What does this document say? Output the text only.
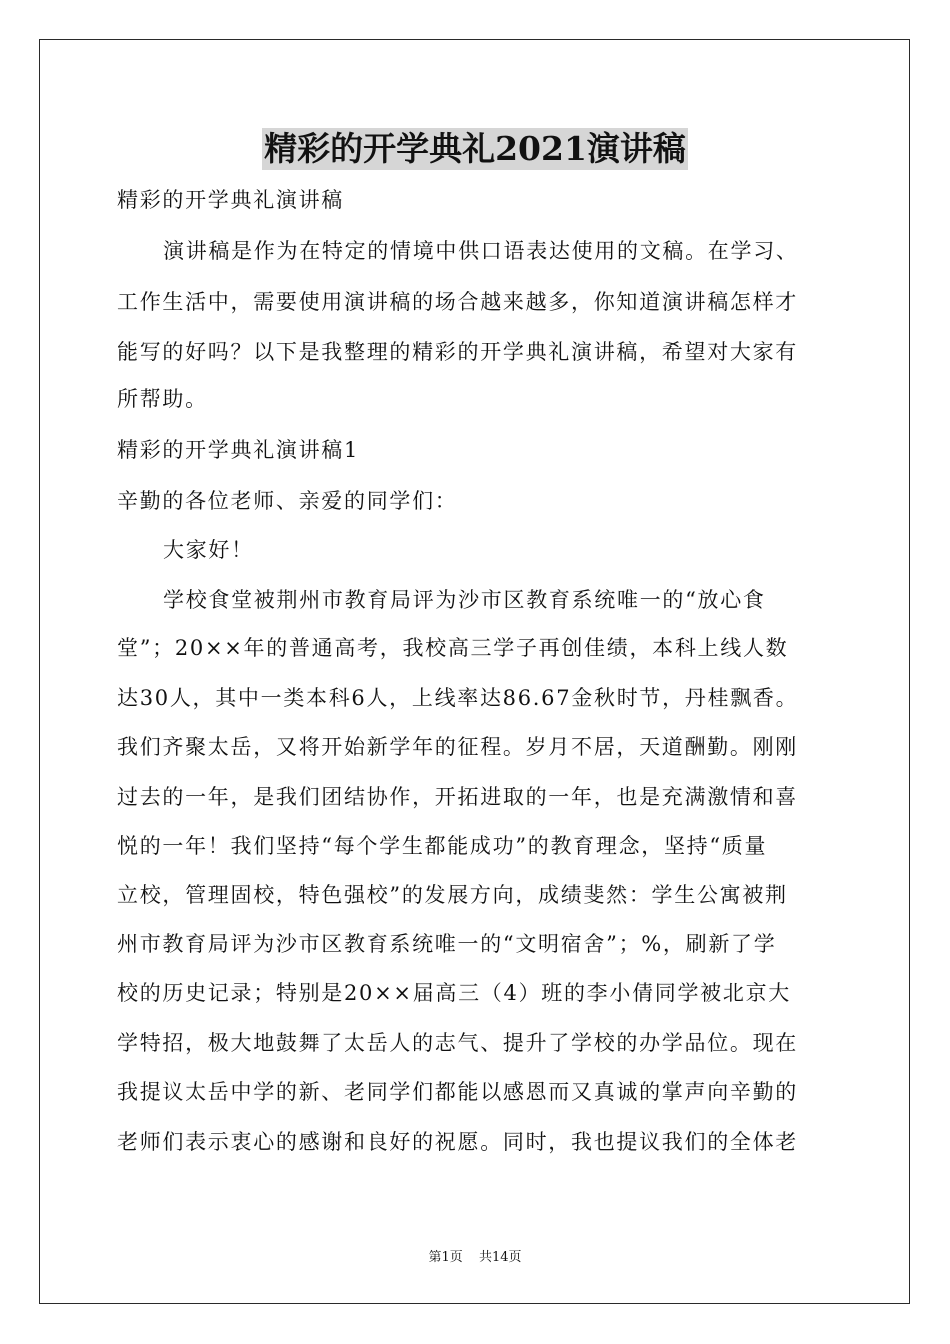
精彩的开学典礼2021演讲稿
精彩的开学典礼演讲稿
演讲稿是作为在特定的情境中供口语表达使用的文稿。在学习、
工作生活中，需要使用演讲稿的场合越来越多，你知道演讲稿怎样才
能写的好吗？以下是我整理的精彩的开学典礼演讲稿，希望对大家有
所帮助。
精彩的开学典礼演讲稿1
辛勤的各位老师、亲爱的同学们：
大家好！
学校食堂被荆州市教育局评为沙市区教育系统唯一的“放心食
堂”；20××年的普通高考，我校高三学子再创佳绩，本科上线人数
达30人，其中一类本科6人，上线率达86.67金秋时节，丹桂飘香。
我们齐聚太岳，又将开始新学年的征程。岁月不居，天道酬勤。刚刚
过去的一年，是我们团结协作，开拓进取的一年，也是充满激情和喜
悦的一年！我们坚持“每个学生都能成功”的教育理念，坚持“质量
立校，管理固校，特色强校”的发展方向，成绩斐然：学生公寓被荆
州市教育局评为沙市区教育系统唯一的“文明宿舍”；%，刷新了学
校的历史记录；特别是20××届高三（4）班的李小倩同学被北京大
学特招，极大地鼓舞了太岳人的志气、提升了学校的办学品位。现在
我提议太岳中学的新、老同学们都能以感恩而又真诚的掌声向辛勤的
老师们表示衷心的感谢和良好的祝愿。同时，我也提议我们的全体老
第1页 共14页
